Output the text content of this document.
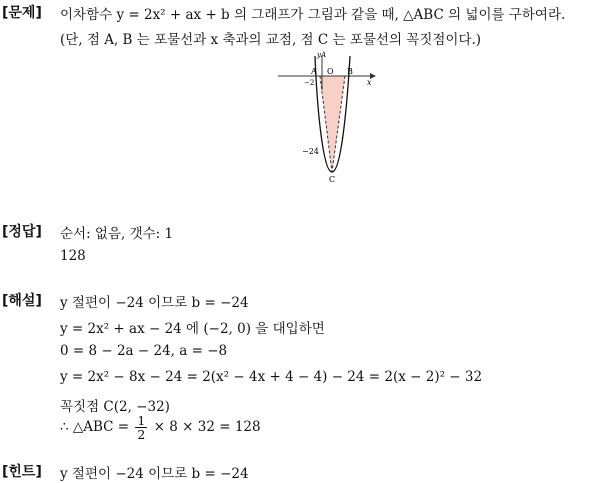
[문제] 이차함수 y = 2x² + ax + b 의 그래프가 그림과 같을 때, △ABC 의 넓이를 구하여라.
(단, 점 A, B 는 포물선과 x 축과의 교점, 점 C 는 포물선의 꼭짓점이다.)
yA
x
A O B
−2
−24
C
[정답] 순서: 없음, 갯수: 1
128
[해설] y 절편이 −24 이므로 b = −24
y = 2x² + ax − 24 에 (−2, 0) 을 대입하면
0 = 8 − 2a − 24, a = −8
y = 2x² − 8x − 24 = 2(x² − 4x + 4 − 4) − 24 = 2(x − 2)² − 32
꼭짓점 C(2, −32)
∴ △ABC = $\frac{1}{2} \times 8 \times 32 = 128$
[힌트] y 절편이 −24 이므로 b = −24
